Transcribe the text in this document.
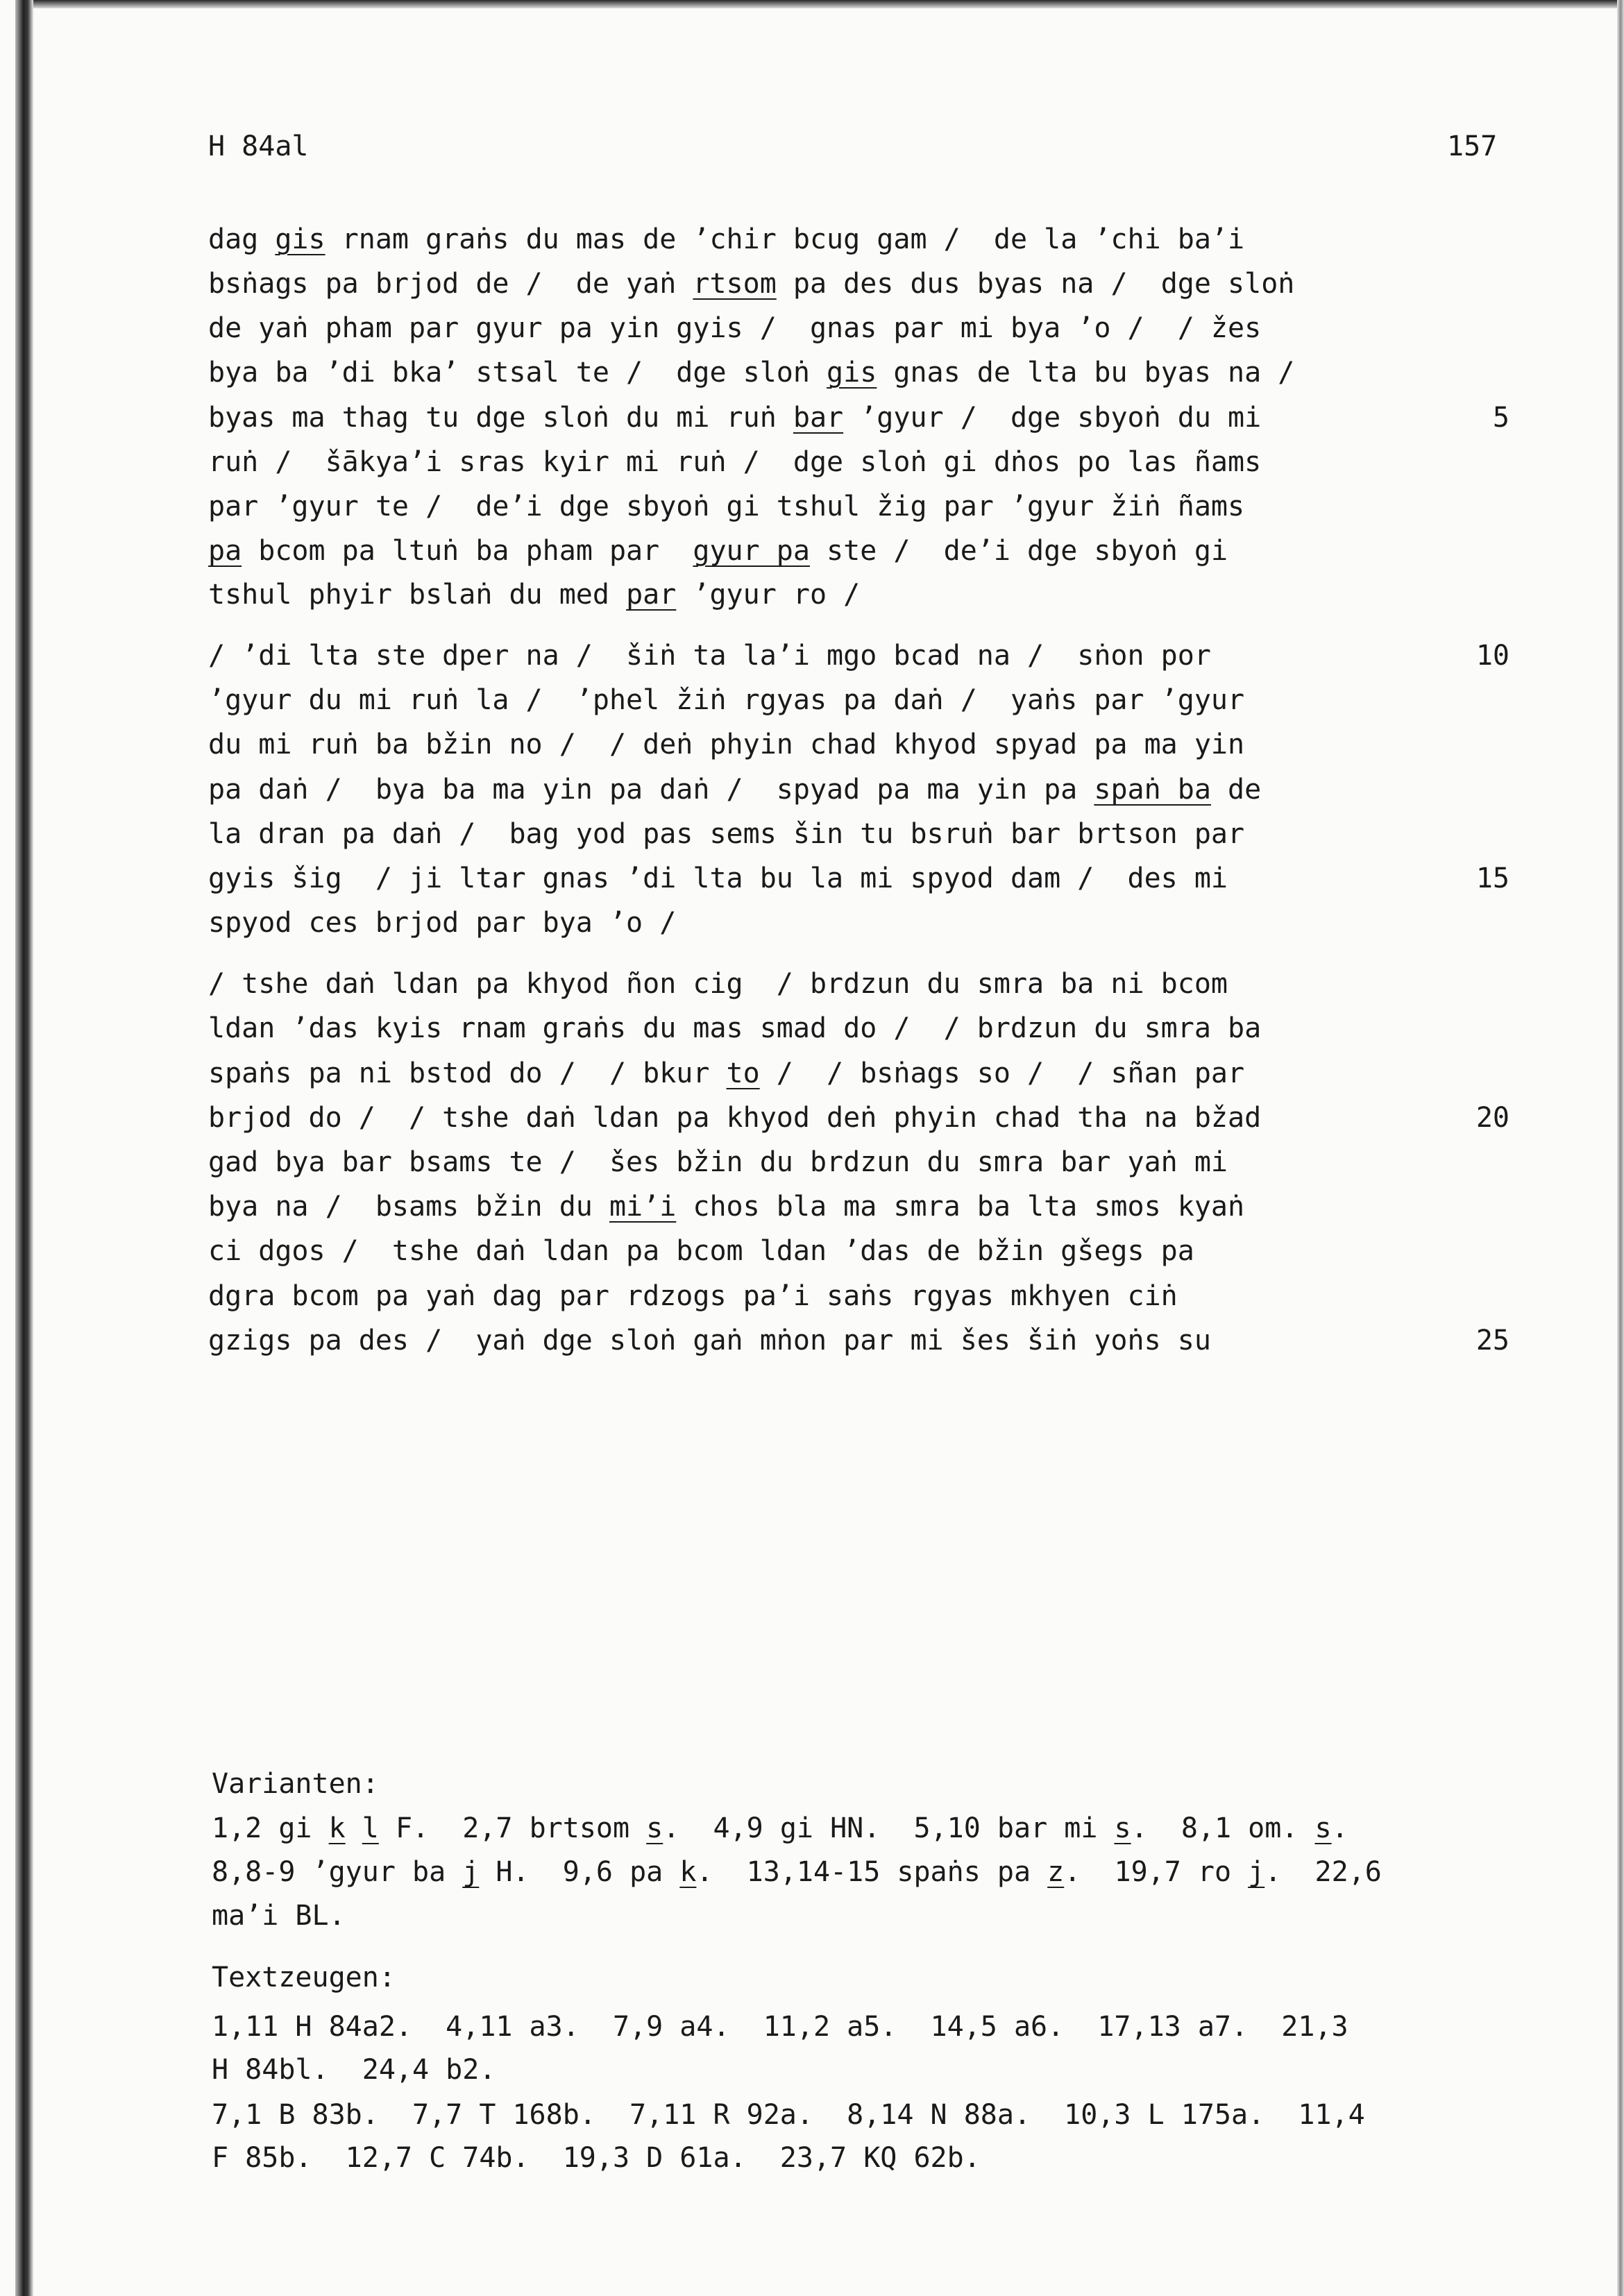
H 84al	157
dag gis rnam graṅs du mas de ’chir bcug gam /  de la ’chi ba’i
bsṅags pa brjod de /  de yaṅ rtsom pa des dus byas na /  dge sloṅ
de yaṅ pham par gyur pa yin gyis /  gnas par mi bya ’o /  / žes
bya ba ’di bka’ stsal te /  dge sloṅ gis gnas de lta bu byas na /
byas ma thag tu dge sloṅ du mi ruṅ bar ’gyur /  dge sbyoṅ du mi	5
ruṅ /  šākya’i sras kyir mi ruṅ /  dge sloṅ gi dṅos po las ñams
par ’gyur te /  de’i dge sbyoṅ gi tshul žig par ’gyur žiṅ ñams
pa bcom pa ltuṅ ba pham par  gyur pa ste /  de’i dge sbyoṅ gi
tshul phyir bslaṅ du med par ’gyur ro /
/ ’di lta ste dper na /  šiṅ ta la’i mgo bcad na /  sṅon por	10
’gyur du mi ruṅ la /  ’phel žiṅ rgyas pa daṅ /  yaṅs par ’gyur
du mi ruṅ ba bžin no /  / deṅ phyin chad khyod spyad pa ma yin
pa daṅ /  bya ba ma yin pa daṅ /  spyad pa ma yin pa spaṅ ba de
la dran pa daṅ /  bag yod pas sems šin tu bsruṅ bar brtson par
gyis šig  / ji ltar gnas ’di lta bu la mi spyod dam /  des mi	15
spyod ces brjod par bya ’o /
/ tshe daṅ ldan pa khyod ñon cig  / brdzun du smra ba ni bcom
ldan ’das kyis rnam graṅs du mas smad do /  / brdzun du smra ba
spaṅs pa ni bstod do /  / bkur to /  / bsṅags so /  / sñan par
brjod do /  / tshe daṅ ldan pa khyod deṅ phyin chad tha na bžad	20
gad bya bar bsams te /  šes bžin du brdzun du smra bar yaṅ mi
bya na /  bsams bžin du mi’i chos bla ma smra ba lta smos kyaṅ
ci dgos /  tshe daṅ ldan pa bcom ldan ’das de bžin gšegs pa
dgra bcom pa yaṅ dag par rdzogs pa’i saṅs rgyas mkhyen ciṅ
gzigs pa des /  yaṅ dge sloṅ gaṅ mṅon par mi šes šiṅ yoṅs su	25
Varianten:
1,2 gi k l F.  2,7 brtsom s.  4,9 gi HN.  5,10 bar mi s.  8,1 om. s.
8,8-9 ’gyur ba j H.  9,6 pa k.  13,14-15 spaṅs pa z.  19,7 ro j.  22,6
ma’i BL.
Textzeugen:
1,11 H 84a2.  4,11 a3.  7,9 a4.  11,2 a5.  14,5 a6.  17,13 a7.  21,3
H 84bl.  24,4 b2.
7,1 B 83b.  7,7 T 168b.  7,11 R 92a.  8,14 N 88a.  10,3 L 175a.  11,4
F 85b.  12,7 C 74b.  19,3 D 61a.  23,7 KQ 62b.
